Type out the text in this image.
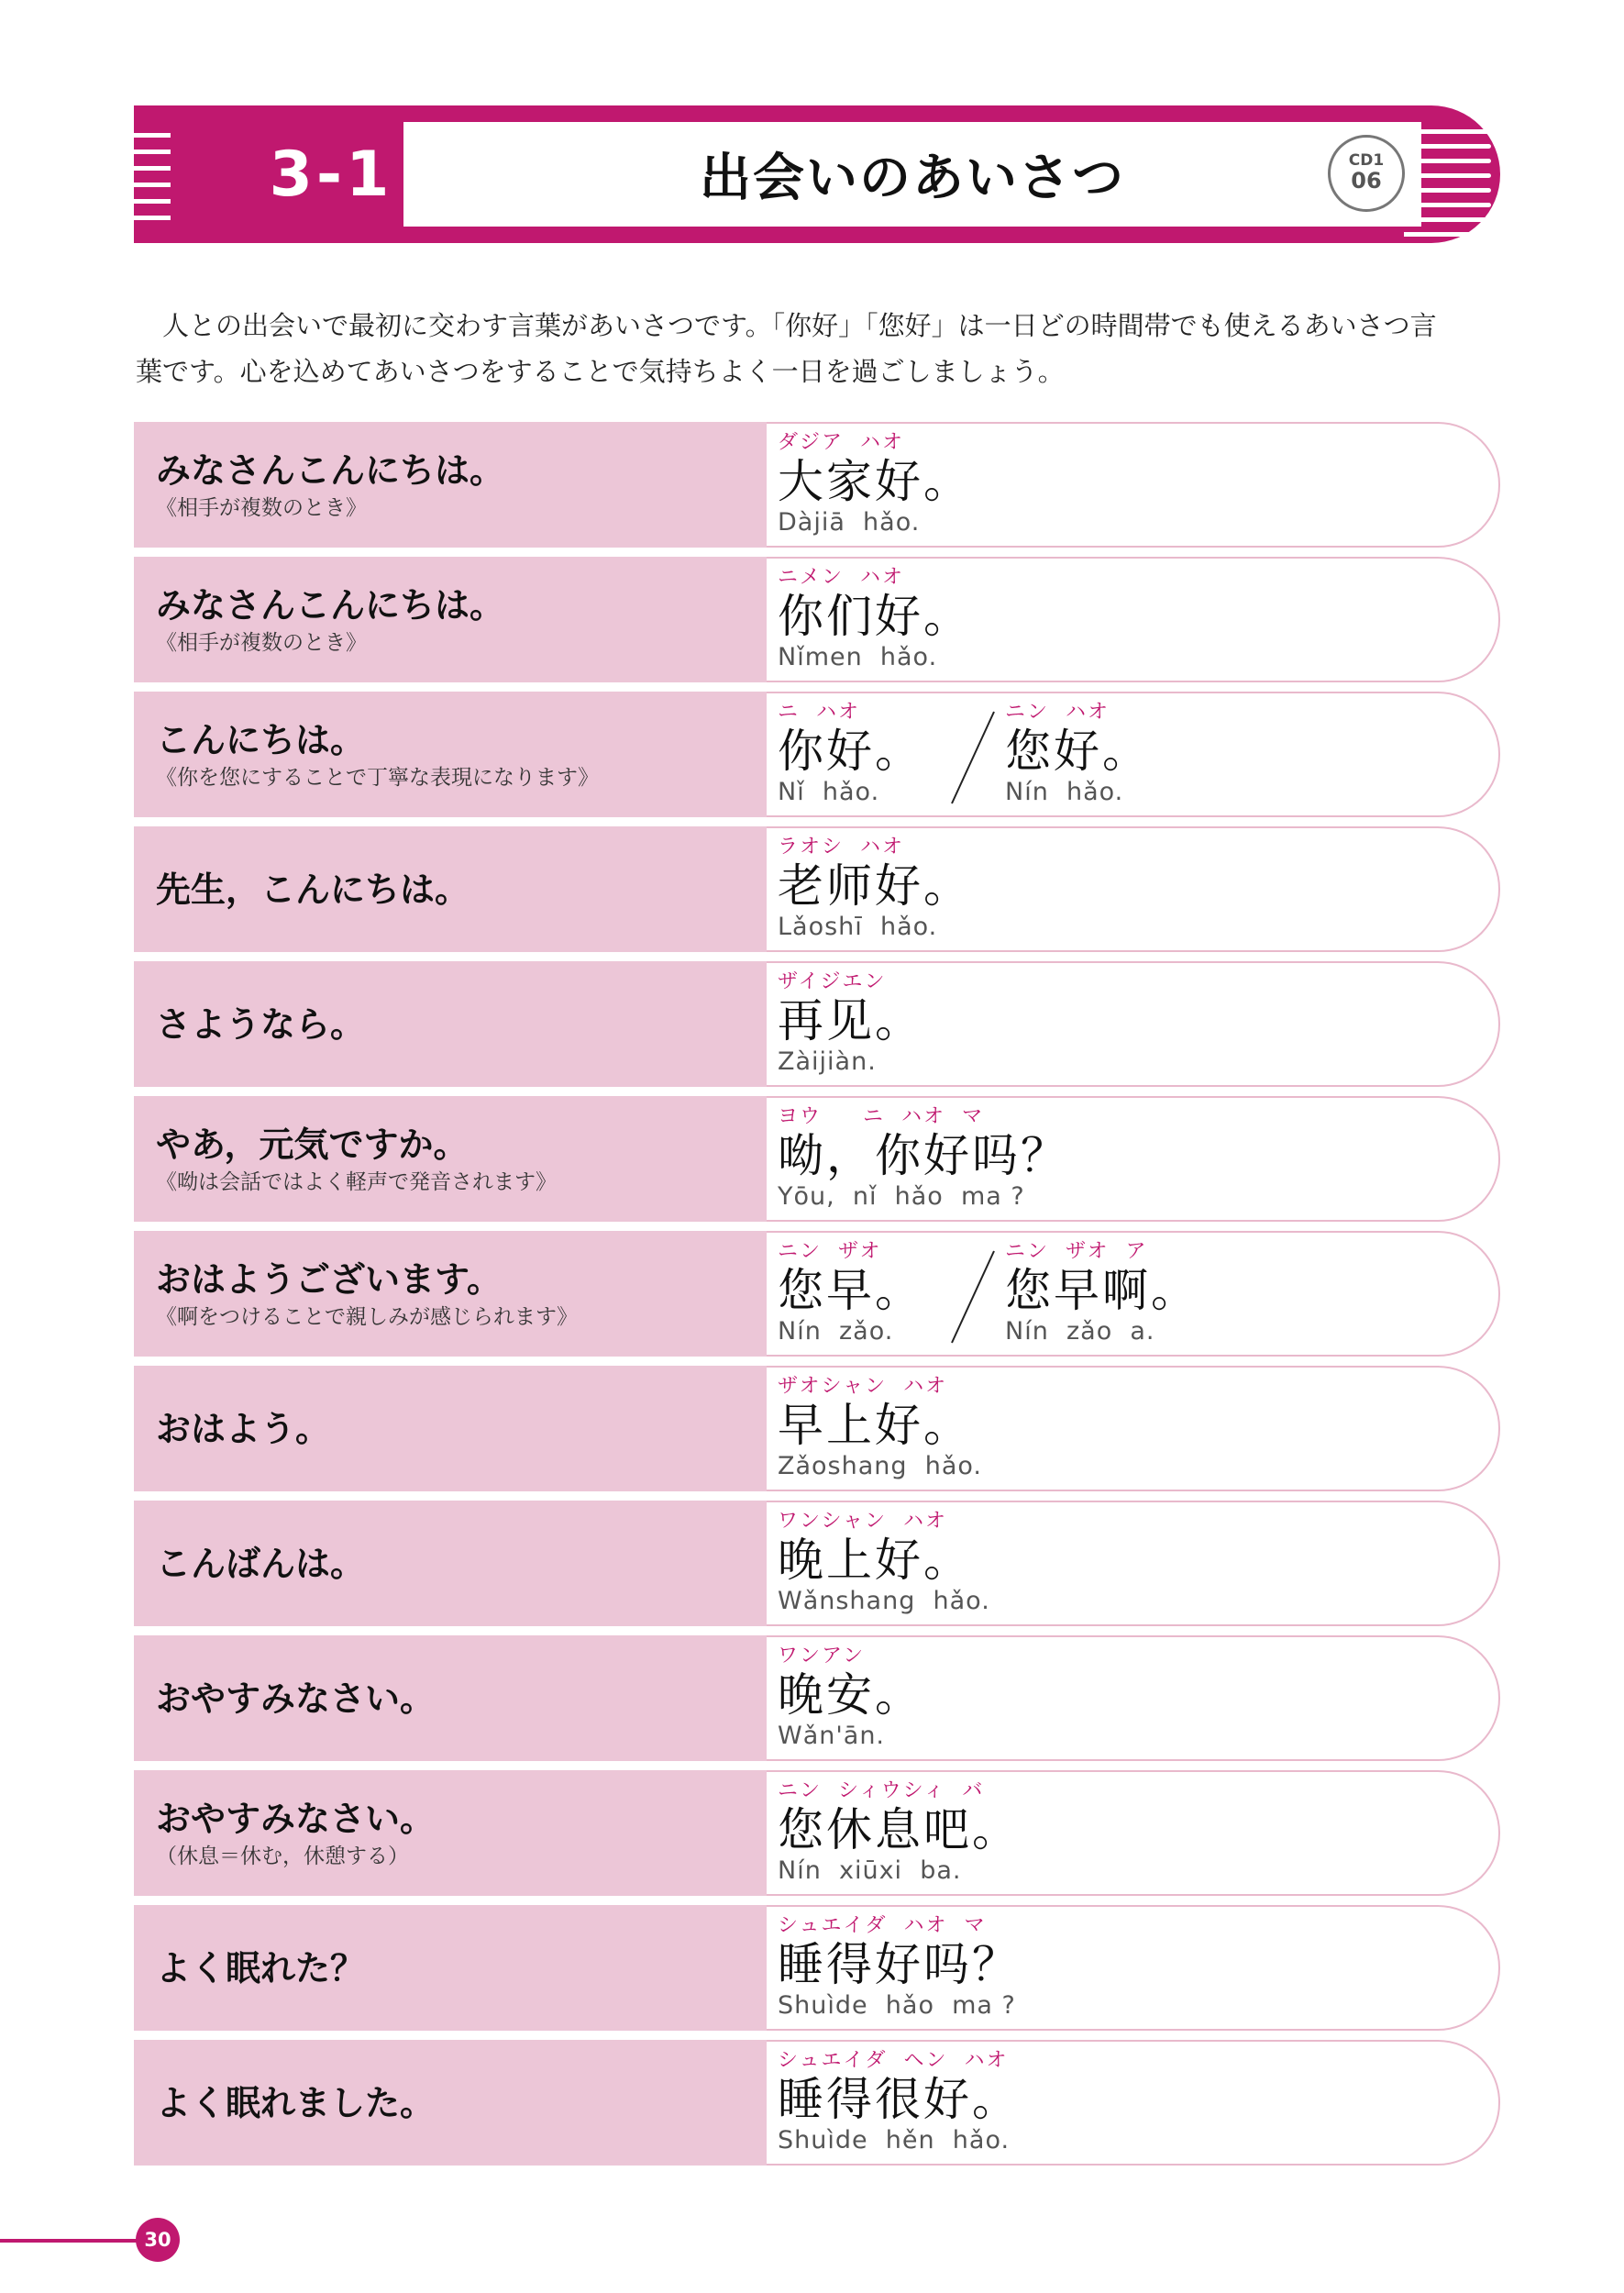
3-1	出会いのあいさつ	CD1
06

人との出会いで最初に交わす言葉があいさつです。「你好」「您好」は一日どの時間帯でも使えるあいさつ言

葉です。心を込めてあいさつをすることで気持ちよく一日を過ごしましょう。
みなさんこんにちは。
《相手が複数のとき》
ダジア  ハオ
大家好。
Dàjiā  hǎo.
みなさんこんにちは。
《相手が複数のとき》
ニメン  ハオ
你们好。
Nǐmen  hǎo.
こんにちは。
《你を您にすることで丁寧な表現になります》
ニ  ハオ
你好。
Nǐ  hǎo.
ニン  ハオ
您好。
Nín  hǎo.
先生，こんにちは。
ラオシ  ハオ
老师好。
Lǎoshī  hǎo.
さようなら。
ザイジエン
再见。
Zàijiàn.
やあ，元気ですか。
《呦は会話ではよく軽声で発音されます》
ヨウ     ニ  ハオ  マ
呦，你好吗？
Yōu,  nǐ  hǎo  ma ?
おはようございます。
《啊をつけることで親しみが感じられます》
ニン  ザオ
您早。
Nín  zǎo.
ニン  ザオ  ア
您早啊。
Nín  zǎo  a.
おはよう。
ザオシャン  ハオ
早上好。
Zǎoshang  hǎo.
こんばんは。
ワンシャン  ハオ
晚上好。
Wǎnshang  hǎo.
おやすみなさい。
ワンアン
晚安。
Wǎn'ān.
おやすみなさい。
（休息＝休む，休憩する）
ニン  シィウシィ  バ
您休息吧。
Nín  xiūxi  ba.
よく眠れた？
シュエイダ  ハオ  マ
睡得好吗？
Shuìde  hǎo  ma ?
よく眠れました。
シュエイダ  ヘン  ハオ
睡得很好。
Shuìde  hěn  hǎo.
30
